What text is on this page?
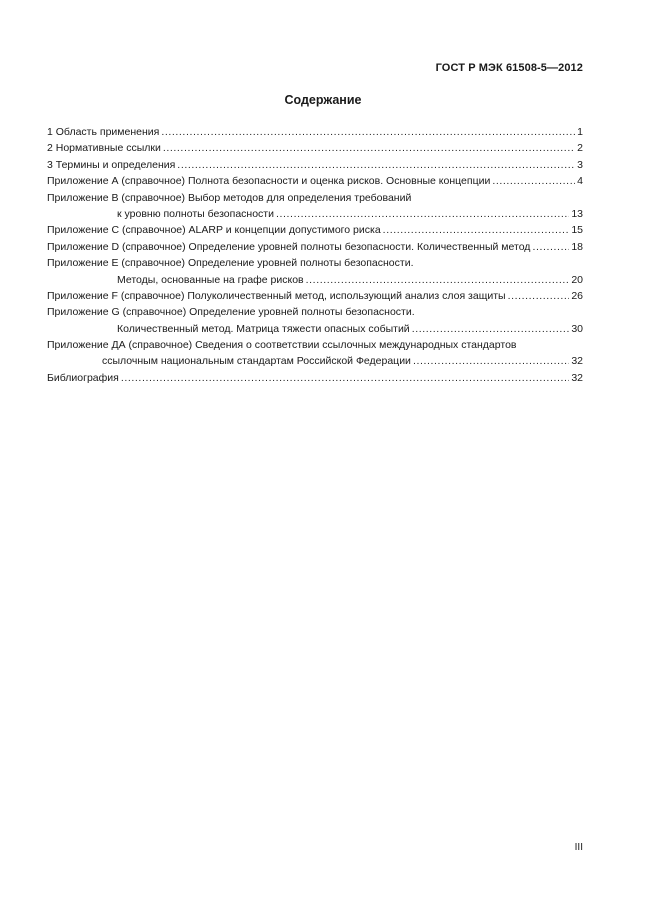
ГОСТ Р МЭК 61508-5—2012
Содержание
1 Область применения .....	1
2 Нормативные ссылки .....	2
3 Термины и определения .....	3
Приложение А (справочное) Полнота безопасности и оценка рисков. Основные концепции .....	4
Приложение В (справочное) Выбор методов для определения требований
к уровню полноты безопасности .....	13
Приложение С (справочное) ALARP и концепции допустимого риска .....	15
Приложение D (справочное) Определение уровней полноты безопасности. Количественный метод .....	18
Приложение Е (справочное) Определение уровней полноты безопасности.
Методы, основанные на графе рисков .....	20
Приложение F (справочное) Полуколичественный метод, использующий анализ слоя защиты .....	26
Приложение G (справочное) Определение уровней полноты безопасности.
Количественный метод. Матрица тяжести опасных событий .....	30
Приложение ДА (справочное) Сведения о соответствии ссылочных международных стандартов
ссылочным национальным стандартам Российской Федерации .....	32
Библиография .....	32
III
